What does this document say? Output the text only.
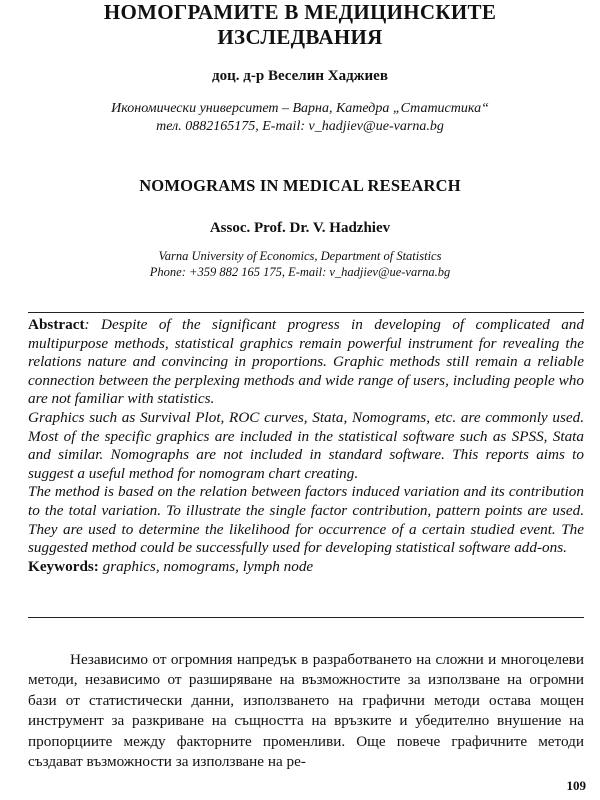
НОМОГРАМИТЕ В МЕДИЦИНСКИТЕ ИЗСЛЕДВАНИЯ
доц. д-р Веселин Хаджиев
Икономически университет – Варна, Катедра „Статистика“
тел. 0882165175, E-mail: v_hadjiev@ue-varna.bg
NOMOGRAMS IN MEDICAL RESEARCH
Assoc. Prof. Dr. V. Hadzhiev
Varna University of Economics, Department of Statistics
Phone: +359 882 165 175, E-mail: v_hadjiev@ue-varna.bg

Abstract: Despite of the significant progress in developing of complicated and multipurpose methods, statistical graphics remain powerful instrument for revealing the relations nature and convincing in proportions. Graphic methods still remain a reliable connection between the perplexing methods and wide range of users, including people who are not familiar with statistics.

Graphics such as Survival Plot, ROC curves, Stata, Nomograms, etc. are commonly used. Most of the specific graphics are included in the statistical software such as SPSS, Stata and similar. Nomographs are not included in standard software. This reports aims to suggest a useful method for nomogram chart creating.

The method is based on the relation between factors induced variation and its contribution to the total variation. To illustrate the single factor contribution, pattern points are used. They are used to determine the likelihood for occurrence of a certain studied event. The suggested method could be successfully used for developing statistical software add-ons.

Keywords: graphics, nomograms, lymph node

Независимо от огромния напредък в разработването на сложни и многоцелеви методи, независимо от разширяване на възможностите за използване на огромни бази от статистически данни, използването на графични методи остава мощен инструмент за разкриване на същността на връзките и убедително внушение на пропорциите между факторните променливи. Още повече графичните методи създават възможности за използване на ре-

109
